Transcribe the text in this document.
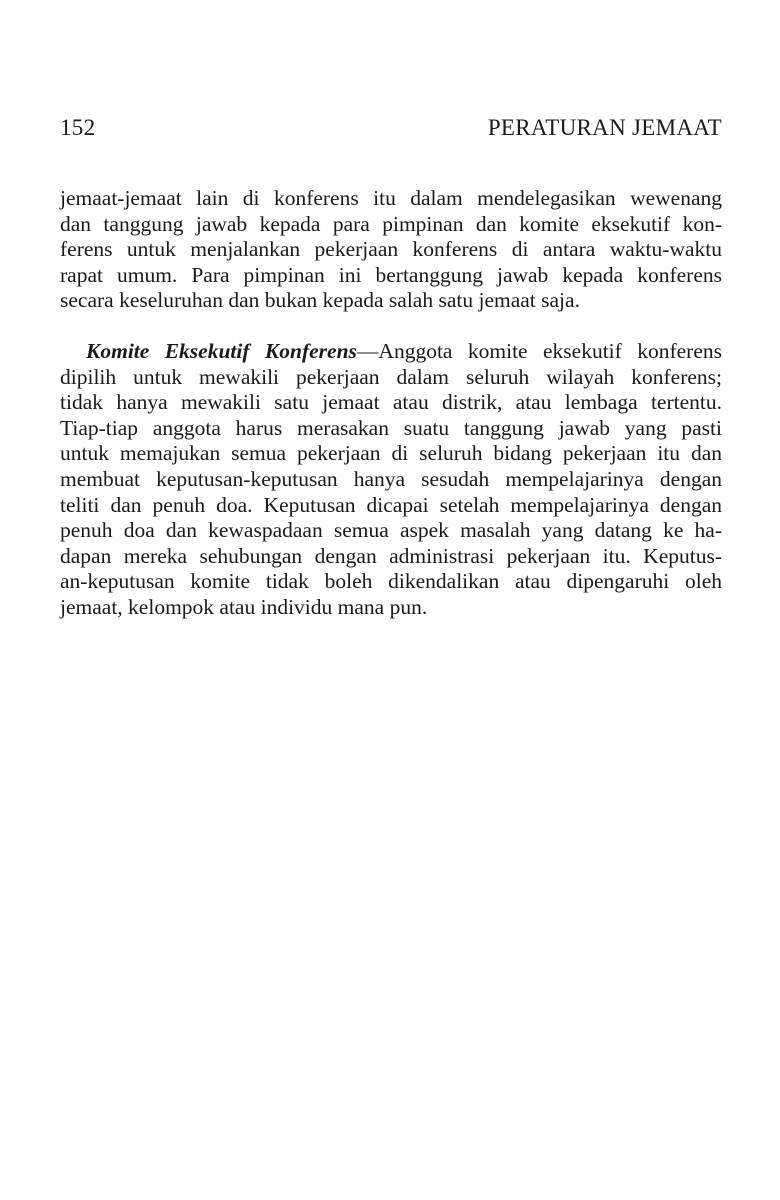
152	PERATURAN JEMAAT
jemaat-jemaat lain di konferens itu dalam mendelegasikan wewenang
dan tanggung jawab kepada para pimpinan dan komite eksekutif kon-
ferens untuk menjalankan pekerjaan konferens di antara waktu-waktu
rapat umum. Para pimpinan ini bertanggung jawab kepada konferens
secara keseluruhan dan bukan kepada salah satu jemaat saja.
Komite Eksekutif Konferens—Anggota komite eksekutif konferens
dipilih untuk mewakili pekerjaan dalam seluruh wilayah konferens;
tidak hanya mewakili satu jemaat atau distrik, atau lembaga tertentu.
Tiap-tiap anggota harus merasakan suatu tanggung jawab yang pasti
untuk memajukan semua pekerjaan di seluruh bidang pekerjaan itu dan
membuat keputusan-keputusan hanya sesudah mempelajarinya dengan
teliti dan penuh doa. Keputusan dicapai setelah mempelajarinya dengan
penuh doa dan kewaspadaan semua aspek masalah yang datang ke ha-
dapan mereka sehubungan dengan administrasi pekerjaan itu. Keputus-
an-keputusan komite tidak boleh dikendalikan atau dipengaruhi oleh
jemaat, kelompok atau individu mana pun.
